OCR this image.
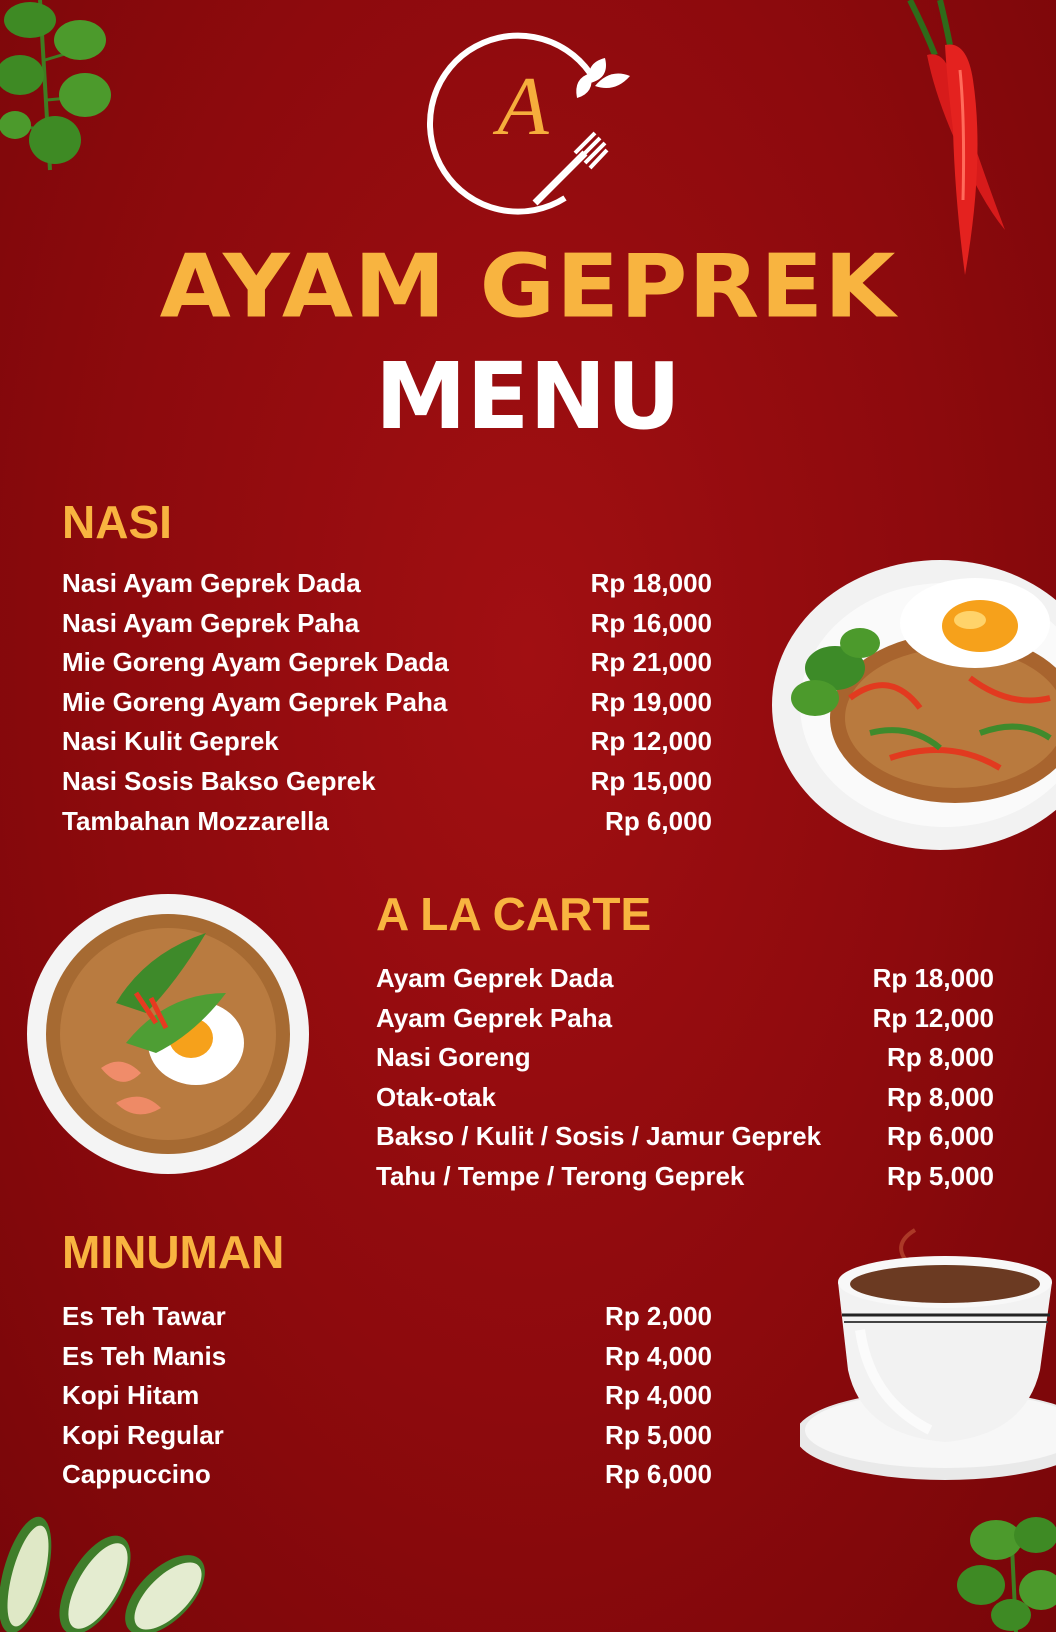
A
AYAM GEPREK
MENU
NASI
Nasi Ayam Geprek Dada	Rp 18,000
Nasi Ayam Geprek Paha	Rp 16,000
Mie Goreng Ayam Geprek Dada	Rp 21,000
Mie Goreng Ayam Geprek Paha	Rp 19,000
Nasi Kulit Geprek	Rp 12,000
Nasi Sosis Bakso Geprek	Rp 15,000
Tambahan Mozzarella	Rp 6,000
A LA CARTE
Ayam Geprek Dada	Rp 18,000
Ayam Geprek Paha	Rp 12,000
Nasi Goreng	Rp 8,000
Otak-otak	Rp 8,000
Bakso / Kulit / Sosis / Jamur Geprek	Rp 6,000
Tahu / Tempe / Terong Geprek	Rp 5,000
MINUMAN
Es Teh Tawar	Rp 2,000
Es Teh Manis	Rp 4,000
Kopi Hitam	Rp 4,000
Kopi Regular	Rp 5,000
Cappuccino	Rp 6,000
